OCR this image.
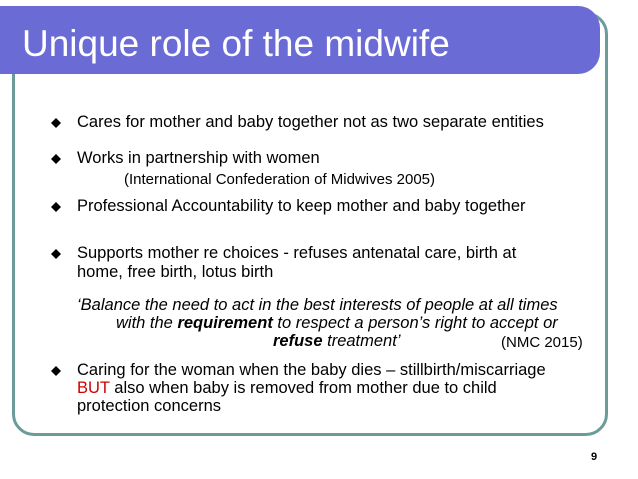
Unique role of the midwife
Cares for mother and baby together not as two separate entities
Works in partnership with women
(International Confederation of Midwives 2005)
Professional Accountability to keep mother and baby together
Supports mother re choices - refuses antenatal care, birth at
home, free birth, lotus birth
‘Balance the need to act in the best interests of people at all times
with the requirement to respect a person’s right to accept or
refuse treatment’	(NMC 2015)
Caring for the woman when the baby dies – stillbirth/miscarriage
BUT also when baby is removed from mother due to child
protection concerns
9
